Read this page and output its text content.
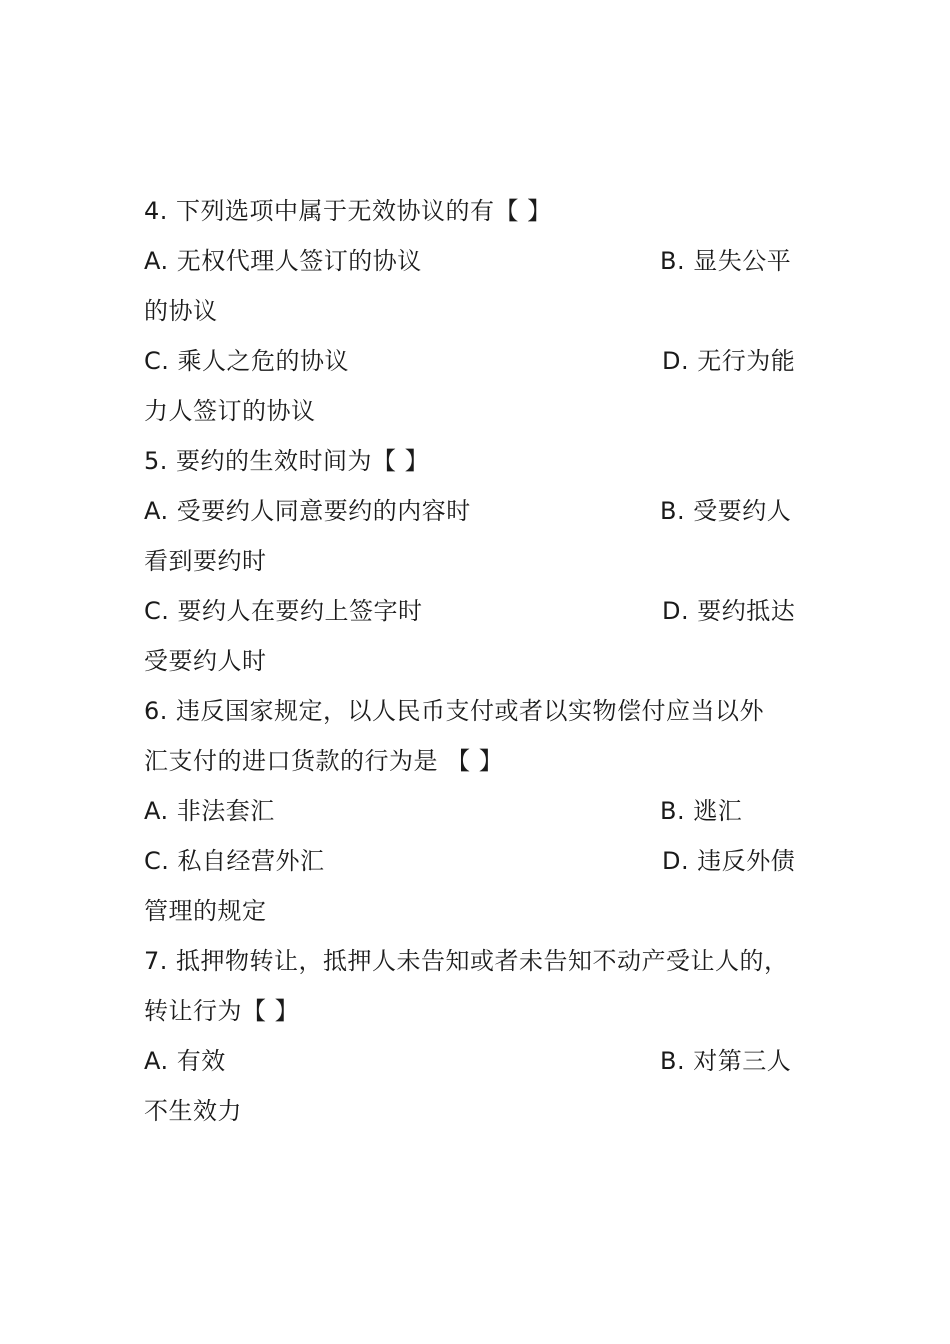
4. 下列选项中属于无效协议的有【 】
A. 无权代理人签订的协议	B. 显失公平
的协议
C. 乘人之危的协议	D. 无行为能
力人签订的协议
5. 要约的生效时间为【 】
A. 受要约人同意要约的内容时	B. 受要约人
看到要约时
C. 要约人在要约上签字时	D. 要约抵达
受要约人时
6. 违反国家规定，以人民币支付或者以实物偿付应当以外
汇支付的进口货款的行为是 【 】
A. 非法套汇	B. 逃汇
C. 私自经营外汇	D. 违反外债
管理的规定
7. 抵押物转让，抵押人未告知或者未告知不动产受让人的，
转让行为【 】
A. 有效	B. 对第三人
不生效力
